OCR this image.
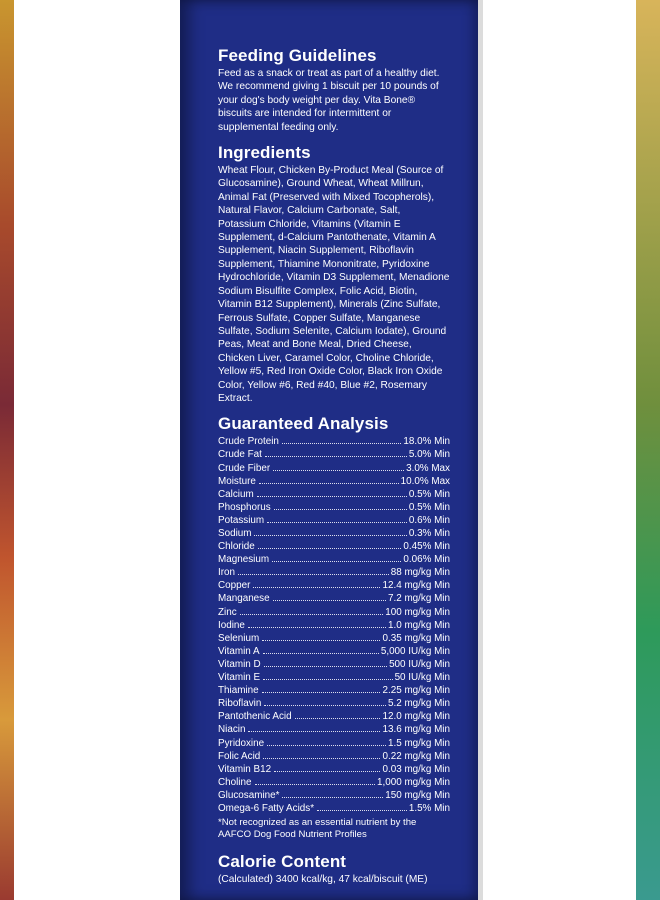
Feeding Guidelines

Feed as a snack or treat as part of a healthy diet. We recommend giving 1 biscuit per 10 pounds of your dog's body weight per day. Vita Bone® biscuits are intended for intermittent or supplemental feeding only.

Ingredients

Wheat Flour, Chicken By-Product Meal (Source of Glucosamine), Ground Wheat, Wheat Millrun, Animal Fat (Preserved with Mixed Tocopherols), Natural Flavor, Calcium Carbonate, Salt, Potassium Chloride, Vitamins (Vitamin E Supplement, d-Calcium Pantothenate, Vitamin A Supplement, Niacin Supplement, Riboflavin Supplement, Thiamine Mononitrate, Pyridoxine Hydrochloride, Vitamin D3 Supplement, Menadione Sodium Bisulfite Complex, Folic Acid, Biotin, Vitamin B12 Supplement), Minerals (Zinc Sulfate, Ferrous Sulfate, Copper Sulfate, Manganese Sulfate, Sodium Selenite, Calcium Iodate), Ground Peas, Meat and Bone Meal, Dried Cheese, Chicken Liver, Caramel Color, Choline Chloride, Yellow #5, Red Iron Oxide Color, Black Iron Oxide Color, Yellow #6, Red #40, Blue #2, Rosemary Extract.

Guaranteed Analysis
Crude Protein	18.0% Min
Crude Fat	5.0% Min
Crude Fiber	3.0% Max
Moisture	10.0% Max
Calcium	0.5% Min
Phosphorus	0.5% Min
Potassium	0.6% Min
Sodium	0.3% Min
Chloride	0.45% Min
Magnesium	0.06% Min
Iron	88 mg/kg Min
Copper	12.4 mg/kg Min
Manganese	7.2 mg/kg Min
Zinc	100 mg/kg Min
Iodine	1.0 mg/kg Min
Selenium	0.35 mg/kg Min
Vitamin A	5,000 IU/kg Min
Vitamin D	500 IU/kg Min
Vitamin E	50 IU/kg Min
Thiamine	2.25 mg/kg Min
Riboflavin	5.2 mg/kg Min
Pantothenic Acid	12.0 mg/kg Min
Niacin	13.6 mg/kg Min
Pyridoxine	1.5 mg/kg Min
Folic Acid	0.22 mg/kg Min
Vitamin B12	0.03 mg/kg Min
Choline	1,000 mg/kg Min
Glucosamine*	150 mg/kg Min
Omega-6 Fatty Acids*	1.5% Min
*Not recognized as an essential nutrient by the AAFCO Dog Food Nutrient Profiles
Calorie Content

(Calculated) 3400 kcal/kg, 47 kcal/biscuit (ME)
